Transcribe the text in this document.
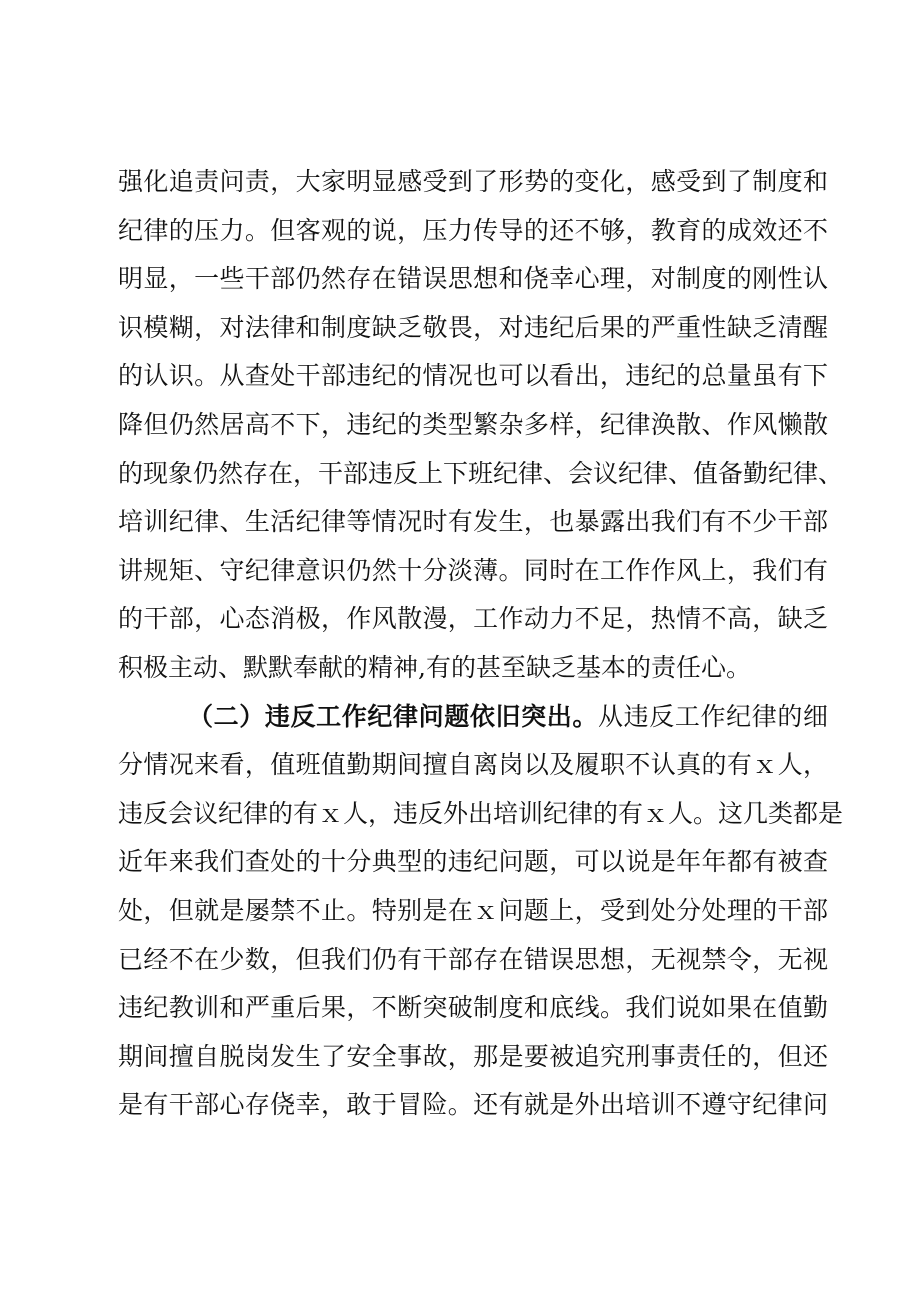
强化追责问责，大家明显感受到了形势的变化，感受到了制度和
纪律的压力。但客观的说，压力传导的还不够，教育的成效还不
明显，一些干部仍然存在错误思想和侥幸心理，对制度的刚性认
识模糊，对法律和制度缺乏敬畏，对违纪后果的严重性缺乏清醒
的认识。从查处干部违纪的情况也可以看出，违纪的总量虽有下
降但仍然居高不下，违纪的类型繁杂多样，纪律涣散、作风懒散
的现象仍然存在，干部违反上下班纪律、会议纪律、值备勤纪律、
培训纪律、生活纪律等情况时有发生，也暴露出我们有不少干部
讲规矩、守纪律意识仍然十分淡薄。同时在工作作风上，我们有
的干部，心态消极，作风散漫，工作动力不足，热情不高，缺乏
积极主动、默默奉献的精神,有的甚至缺乏基本的责任心。
（二）违反工作纪律问题依旧突出。从违反工作纪律的细
分情况来看，值班值勤期间擅自离岗以及履职不认真的有ｘ人，
违反会议纪律的有ｘ人，违反外出培训纪律的有ｘ人。这几类都是
近年来我们查处的十分典型的违纪问题，可以说是年年都有被查
处，但就是屡禁不止。特别是在ｘ问题上，受到处分处理的干部
已经不在少数，但我们仍有干部存在错误思想，无视禁令，无视
违纪教训和严重后果，不断突破制度和底线。我们说如果在值勤
期间擅自脱岗发生了安全事故，那是要被追究刑事责任的，但还
是有干部心存侥幸，敢于冒险。还有就是外出培训不遵守纪律问
